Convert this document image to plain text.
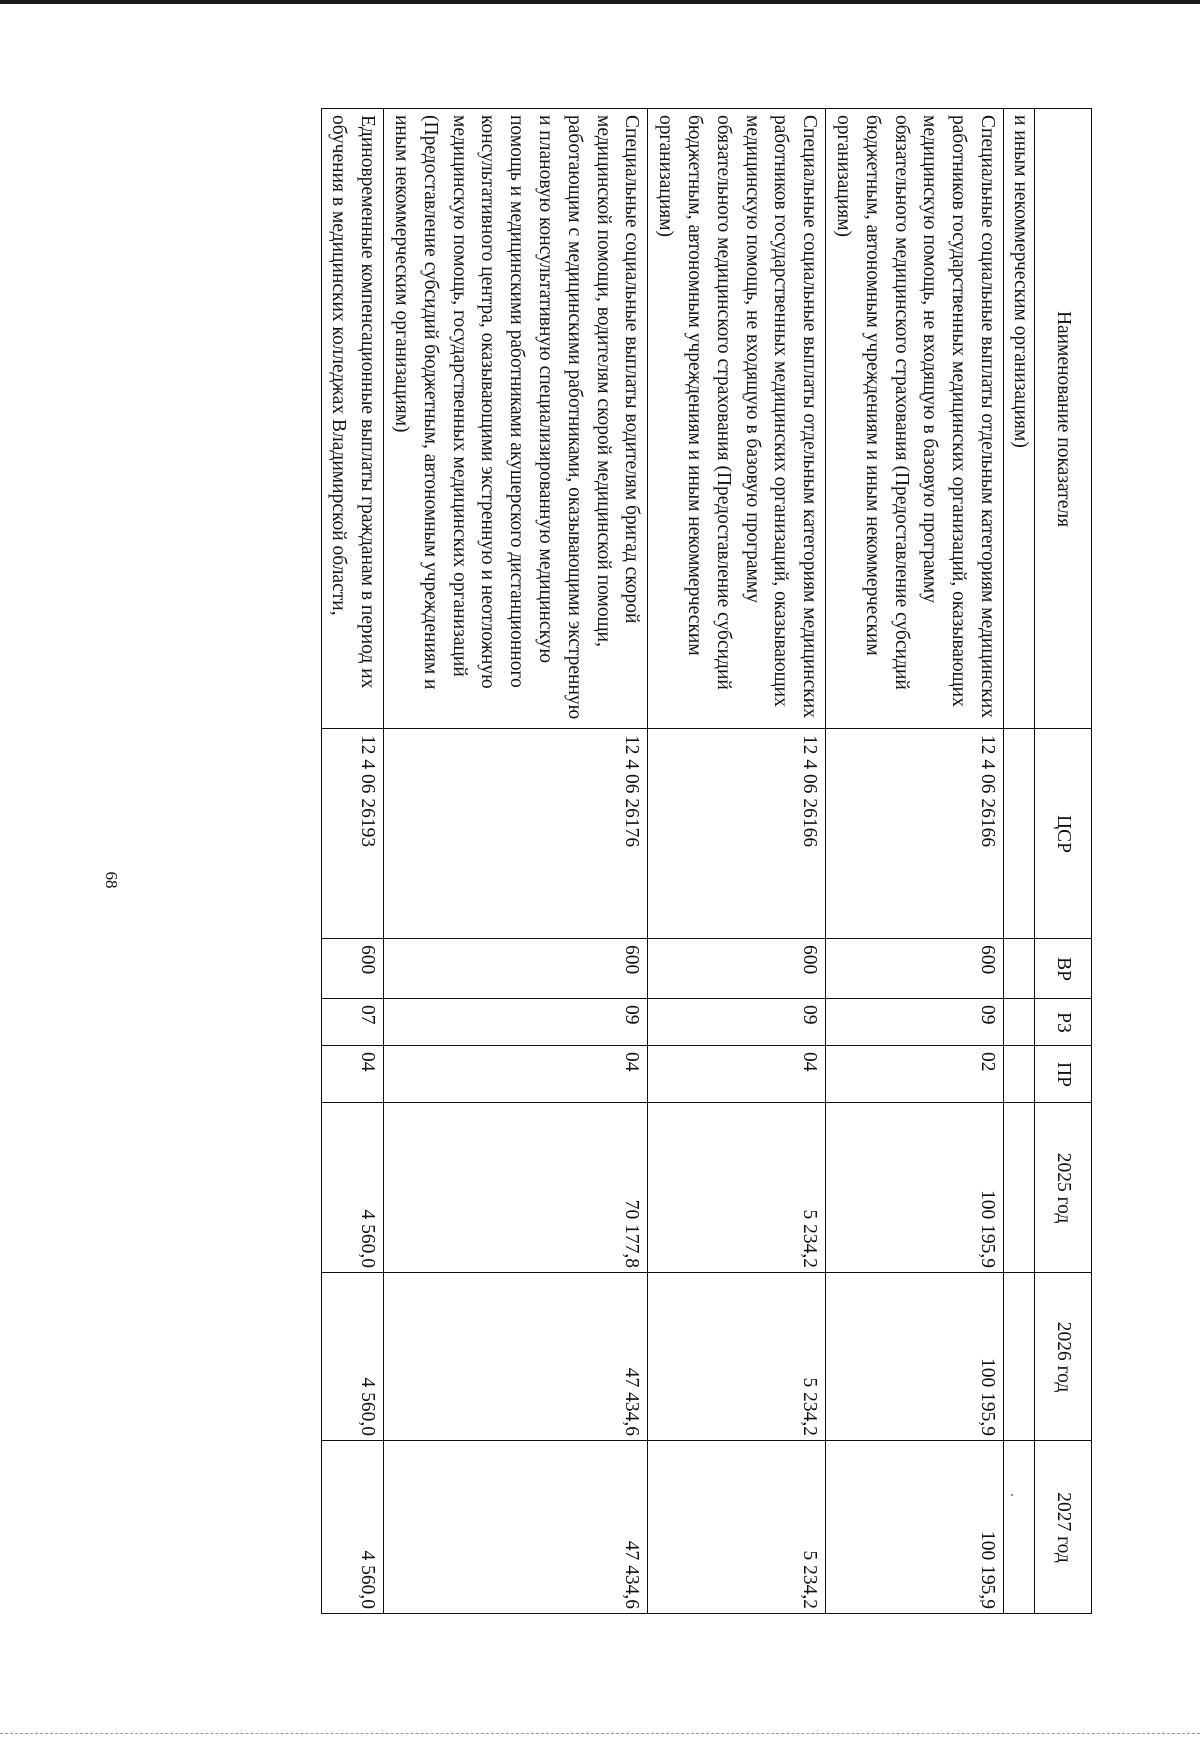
68
Наименование показателя	ЦСР	ВР	РЗ	ПР	2025 год	2026 год	2027 год
и иным некоммерческим организациям)							
Специальные социальные выплаты отдельным категориям медицинских работников государственных медицинских организаций, оказывающих медицинскую помощь, не входящую в базовую программу обязательного медицинского страхования (Предоставление субсидий бюджетным, автономным учреждениям и иным некоммерческим организациям)	12 4 06 26166	600	09	02	100 195,9	100 195,9	100 195,9
Специальные социальные выплаты отдельным категориям медицинских работников государственных медицинских организаций, оказывающих медицинскую помощь, не входящую в базовую программу обязательного медицинского страхования (Предоставление субсидий бюджетным, автономным учреждениям и иным некоммерческим организациям)	12 4 06 26166	600	09	04	5 234,2	5 234,2	5 234,2
Специальные социальные выплаты водителям бригад скорой медицинской помощи, водителям скорой медицинской помощи, работающим с медицинскими работниками, оказывающими экстренную и плановую консультативную специализированную медицинскую помощь и медицинскими работниками акушерского дистанционного консультативного центра, оказывающими экстренную и неотложную медицинскую помощь, государственных медицинских организаций (Предоставление субсидий бюджетным, автономным учреждениям и иным некоммерческим организациям)	12 4 06 26176	600	09	04	70 177,8	47 434,6	47 434,6
Единовременные компенсационные выплаты гражданам в период их обучения в медицинских колледжах Владимирской области,	12 4 06 26193	600	07	04	4 560,0	4 560,0	4 560,0
